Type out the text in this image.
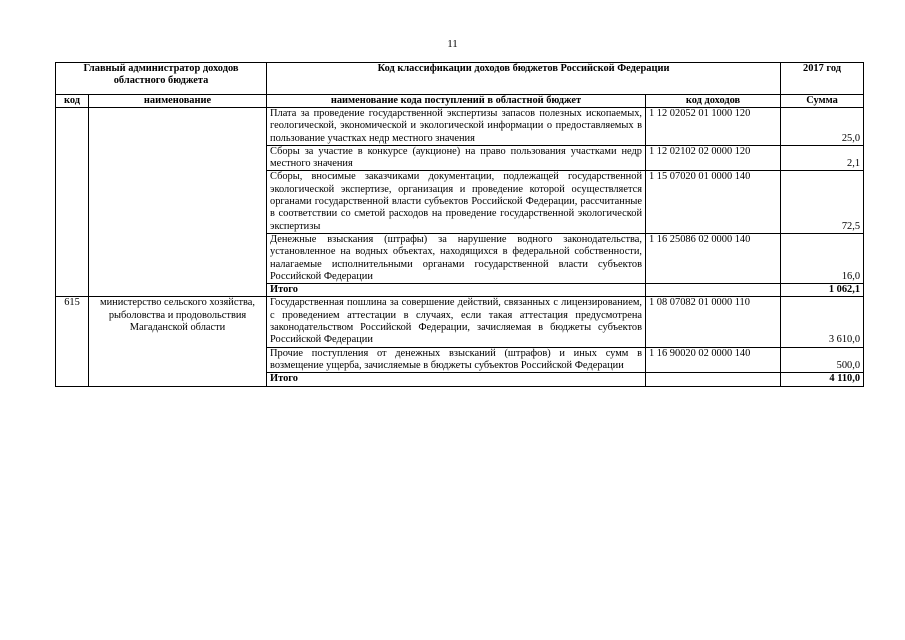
11
Главный администратор доходов областного бюджета		Код классификации доходов бюджетов Российской Федерации		2017 год
код	наименование	наименование кода поступлений в областной бюджет	код доходов	Сумма
		Плата за проведение государственной экспертизы запасов полезных ископаемых, геологической, экономической и экологической информации о предоставляемых в пользование участках недр местного значения	1 12 02052 01 1000 120	25,0
		Сборы за участие в конкурсе (аукционе) на право пользования участками недр местного значения	1 12 02102 02 0000 120	2,1
		Сборы, вносимые заказчиками документации, подлежащей государственной экологической экспертизе, организация и проведение которой осуществляется органами государственной власти субъектов Российской Федерации, рассчитанные в соответствии со сметой расходов на проведение государственной экологической экспертизы	1 15 07020 01 0000 140	72,5
		Денежные взыскания (штрафы) за нарушение водного законодательства, установленное на водных объектах, находящихся в федеральной собственности, налагаемые исполнительными органами государственной власти субъектов Российской Федерации	1 16 25086 02 0000 140	16,0
		Итого		1 062,1
615	министерство сельского хозяйства, рыболовства и продовольствия Магаданской области	Государственная пошлина за совершение действий, связанных с лицензированием, с проведением аттестации в случаях, если такая аттестация предусмотрена законодательством Российской Федерации, зачисляемая в бюджеты субъектов Российской Федерации	1 08 07082 01 0000 110	3 610,0
		Прочие поступления от денежных взысканий (штрафов) и иных сумм в возмещение ущерба, зачисляемые в бюджеты субъектов Российской Федерации	1 16 90020 02 0000 140	500,0
		Итого		4 110,0
